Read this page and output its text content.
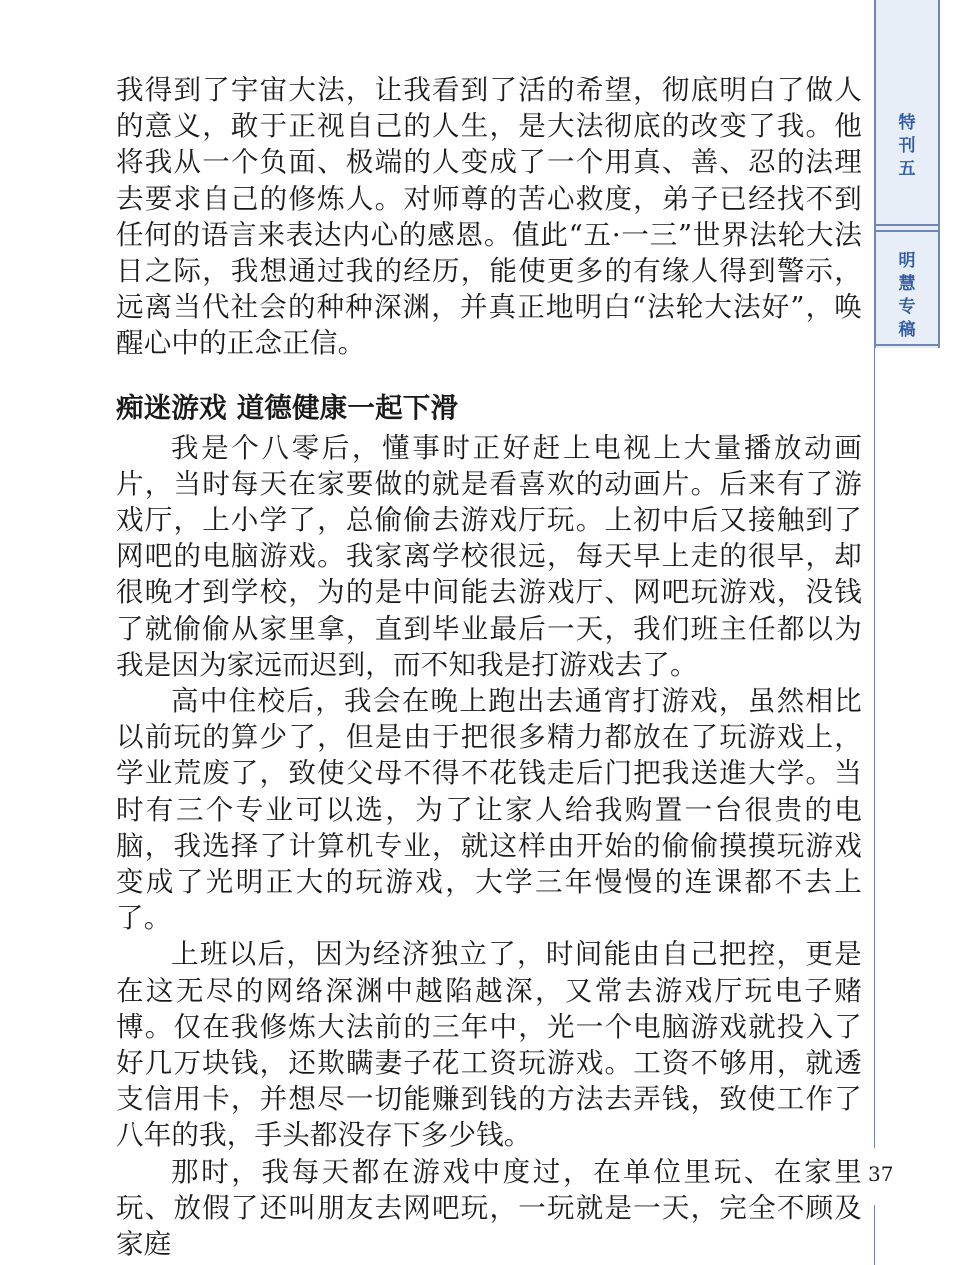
特
刊
五
明
慧
专
稿

我得到了宇宙大法，让我看到了活的希望，彻底明白了做人的意义，敢于正视自己的人生，是大法彻底的改变了我。他将我从一个负面、极端的人变成了一个用真、善、忍的法理去要求自己的修炼人。对师尊的苦心救度，弟子已经找不到任何的语言来表达内心的感恩。值此“五·一三”世界法轮大法日之际，我想通过我的经历，能使更多的有缘人得到警示，远离当代社会的种种深渊，并真正地明白“法轮大法好”，唤醒心中的正念正信。

痴迷游戏 道德健康一起下滑

我是个八零后，懂事时正好赶上电视上大量播放动画片，当时每天在家要做的就是看喜欢的动画片。后来有了游戏厅，上小学了，总偷偷去游戏厅玩。上初中后又接触到了网吧的电脑游戏。我家离学校很远，每天早上走的很早，却很晚才到学校，为的是中间能去游戏厅、网吧玩游戏，没钱了就偷偷从家里拿，直到毕业最后一天，我们班主任都以为我是因为家远而迟到，而不知我是打游戏去了。

高中住校后，我会在晚上跑出去通宵打游戏，虽然相比以前玩的算少了，但是由于把很多精力都放在了玩游戏上，学业荒废了，致使父母不得不花钱走后门把我送進大学。当时有三个专业可以选，为了让家人给我购置一台很贵的电脑，我选择了计算机专业，就这样由开始的偷偷摸摸玩游戏变成了光明正大的玩游戏，大学三年慢慢的连课都不去上了。

上班以后，因为经济独立了，时间能由自己把控，更是在这无尽的网络深渊中越陷越深，又常去游戏厅玩电子赌博。仅在我修炼大法前的三年中，光一个电脑游戏就投入了好几万块钱，还欺瞒妻子花工资玩游戏。工资不够用，就透支信用卡，并想尽一切能赚到钱的方法去弄钱，致使工作了八年的我，手头都没存下多少钱。

那时，我每天都在游戏中度过，在单位里玩、在家里玩、放假了还叫朋友去网吧玩，一玩就是一天，完全不顾及家庭

37
